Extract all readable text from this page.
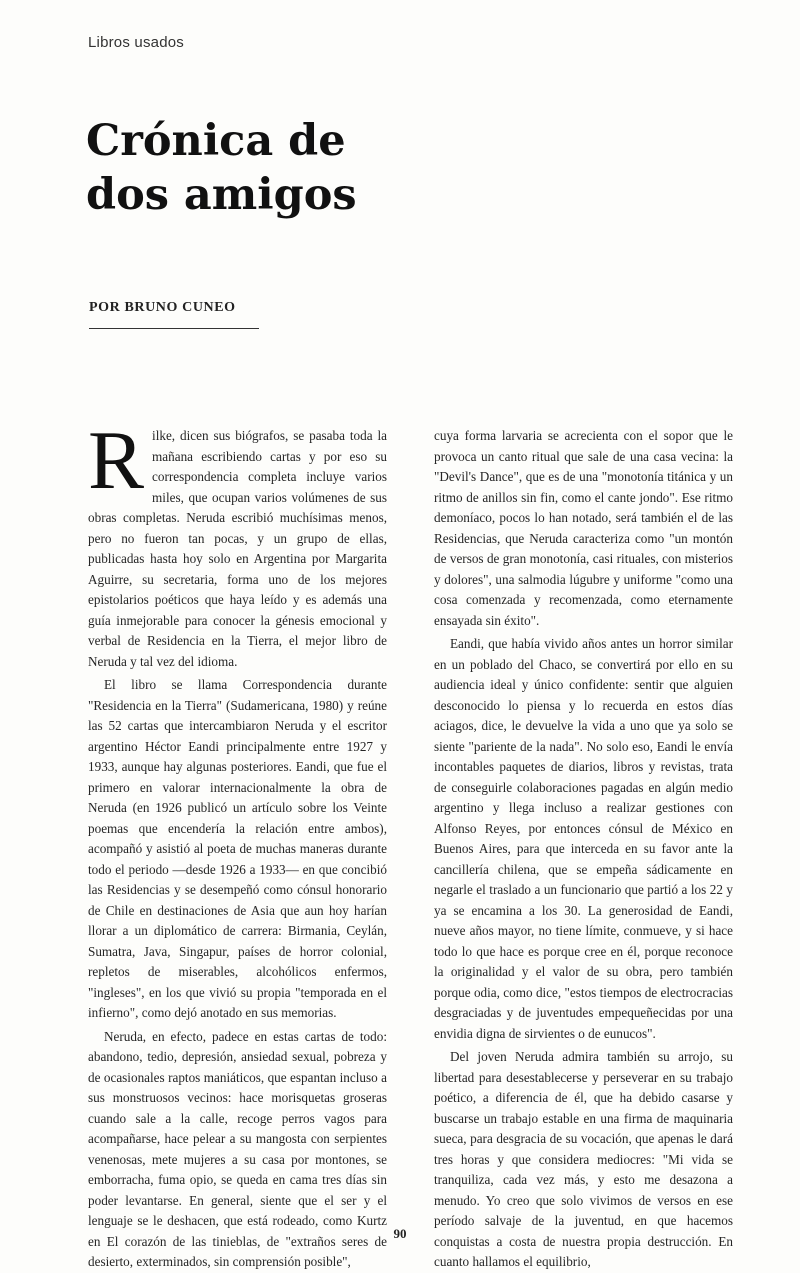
Libros usados
Crónica de
dos amigos
POR BRUNO CUNEO

Rilke, dicen sus biógrafos, se pasaba toda la mañana escribiendo cartas y por eso su correspondencia completa incluye varios miles, que ocupan varios volúmenes de sus obras completas. Neruda escribió muchísimas menos, pero no fueron tan pocas, y un grupo de ellas, publicadas hasta hoy solo en Argentina por Margarita Aguirre, su secretaria, forma uno de los mejores epistolarios poéticos que haya leído y es además una guía inmejorable para conocer la génesis emocional y verbal de Residencia en la Tierra, el mejor libro de Neruda y tal vez del idioma.

El libro se llama Correspondencia durante "Residencia en la Tierra" (Sudamericana, 1980) y reúne las 52 cartas que intercambiaron Neruda y el escritor argentino Héctor Eandi principalmente entre 1927 y 1933, aunque hay algunas posteriores. Eandi, que fue el primero en valorar internacionalmente la obra de Neruda (en 1926 publicó un artículo sobre los Veinte poemas que encendería la relación entre ambos), acompañó y asistió al poeta de muchas maneras durante todo el periodo —desde 1926 a 1933— en que concibió las Residencias y se desempeñó como cónsul honorario de Chile en destinaciones de Asia que aun hoy harían llorar a un diplomático de carrera: Birmania, Ceylán, Sumatra, Java, Singapur, países de horror colonial, repletos de miserables, alcohólicos enfermos, "ingleses", en los que vivió su propia "temporada en el infierno", como dejó anotado en sus memorias.

Neruda, en efecto, padece en estas cartas de todo: abandono, tedio, depresión, ansiedad sexual, pobreza y de ocasionales raptos maniáticos, que espantan incluso a sus monstruosos vecinos: hace morisquetas groseras cuando sale a la calle, recoge perros vagos para acompañarse, hace pelear a su mangosta con serpientes venenosas, mete mujeres a su casa por montones, se emborracha, fuma opio, se queda en cama tres días sin poder levantarse. En general, siente que el ser y el lenguaje se le deshacen, que está rodeado, como Kurtz en El corazón de las tinieblas, de "extraños seres de desierto, exterminados, sin comprensión posible",

cuya forma larvaria se acrecienta con el sopor que le provoca un canto ritual que sale de una casa vecina: la "Devil's Dance", que es de una "monotonía titánica y un ritmo de anillos sin fin, como el cante jondo". Ese ritmo demoníaco, pocos lo han notado, será también el de las Residencias, que Neruda caracteriza como "un montón de versos de gran monotonía, casi rituales, con misterios y dolores", una salmodia lúgubre y uniforme "como una cosa comenzada y recomenzada, como eternamente ensayada sin éxito".

Eandi, que había vivido años antes un horror similar en un poblado del Chaco, se convertirá por ello en su audiencia ideal y único confidente: sentir que alguien desconocido lo piensa y lo recuerda en estos días aciagos, dice, le devuelve la vida a uno que ya solo se siente "pariente de la nada". No solo eso, Eandi le envía incontables paquetes de diarios, libros y revistas, trata de conseguirle colaboraciones pagadas en algún medio argentino y llega incluso a realizar gestiones con Alfonso Reyes, por entonces cónsul de México en Buenos Aires, para que interceda en su favor ante la cancillería chilena, que se empeña sádicamente en negarle el traslado a un funcionario que partió a los 22 y ya se encamina a los 30. La generosidad de Eandi, nueve años mayor, no tiene límite, conmueve, y si hace todo lo que hace es porque cree en él, porque reconoce la originalidad y el valor de su obra, pero también porque odia, como dice, "estos tiempos de electrocracias desgraciadas y de juventudes empequeñecidas por una envidia digna de sirvientes o de eunucos".

Del joven Neruda admira también su arrojo, su libertad para desestablecerse y perseverar en su trabajo poético, a diferencia de él, que ha debido casarse y buscarse un trabajo estable en una firma de maquinaria sueca, para desgracia de su vocación, que apenas le dará tres horas y que considera mediocres: "Mi vida se tranquiliza, cada vez más, y esto me desazona a menudo. Yo creo que solo vivimos de versos en ese período salvaje de la juventud, en que hacemos conquistas a costa de nuestra propia destrucción. En cuanto hallamos el equilibrio,

90
